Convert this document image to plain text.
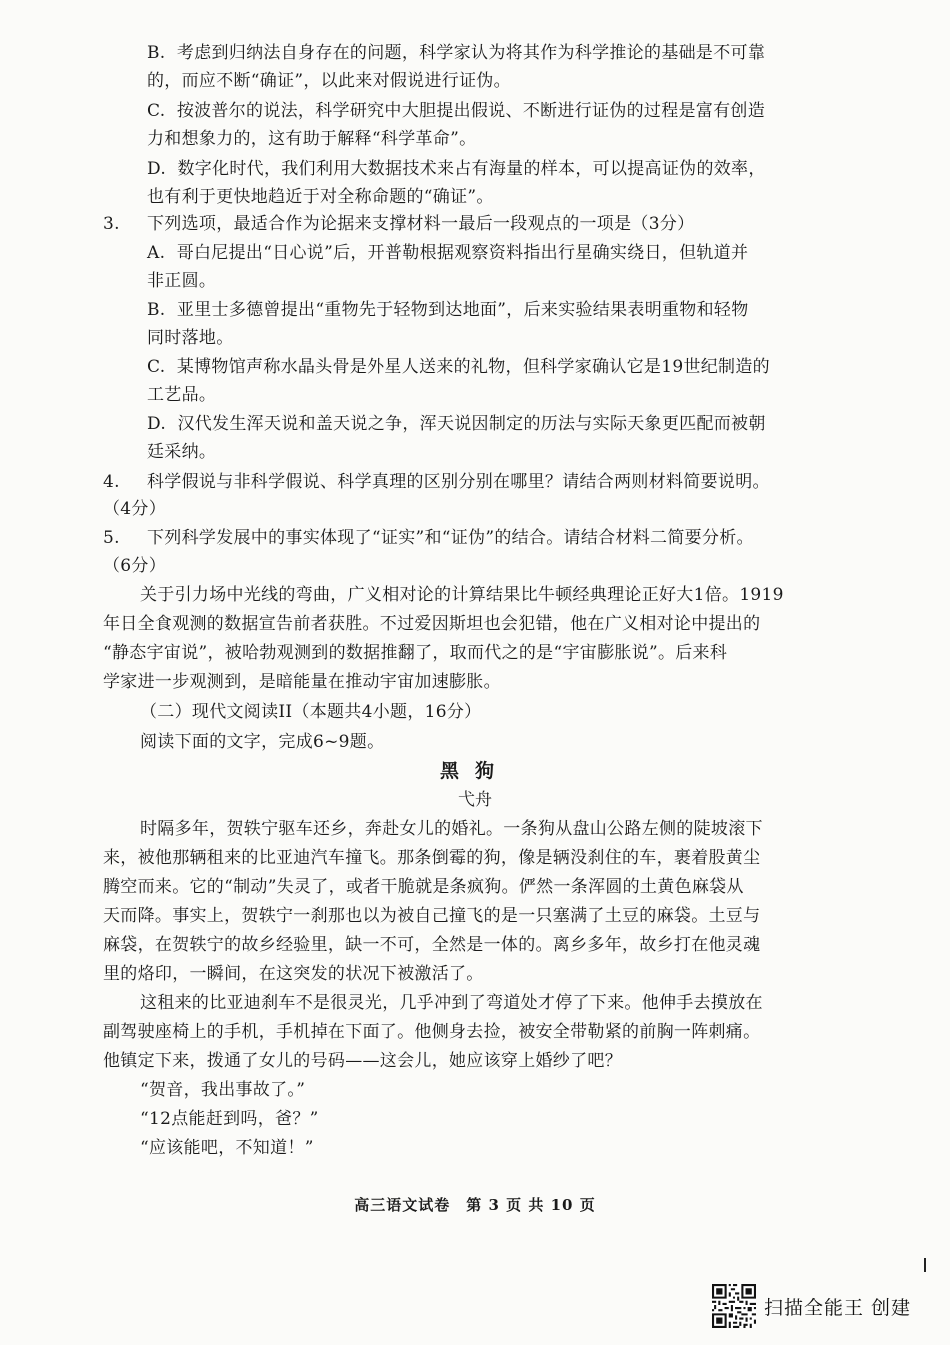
B. 考虑到归纳法自身存在的问题，科学家认为将其作为科学推论的基础是不可靠
的，而应不断“确证”，以此来对假说进行证伪。
C. 按波普尔的说法，科学研究中大胆提出假说、不断进行证伪的过程是富有创造
力和想象力的，这有助于解释“科学革命”。
D. 数字化时代，我们利用大数据技术来占有海量的样本，可以提高证伪的效率，
也有利于更快地趋近于对全称命题的“确证”。
3. 下列选项，最适合作为论据来支撑材料一最后一段观点的一项是（3分）
A. 哥白尼提出“日心说”后，开普勒根据观察资料指出行星确实绕日，但轨道并
非正圆。
B. 亚里士多德曾提出“重物先于轻物到达地面”，后来实验结果表明重物和轻物
同时落地。
C. 某博物馆声称水晶头骨是外星人送来的礼物，但科学家确认它是19世纪制造的
工艺品。
D. 汉代发生浑天说和盖天说之争，浑天说因制定的历法与实际天象更匹配而被朝
廷采纳。
4. 科学假说与非科学假说、科学真理的区别分别在哪里？请结合两则材料简要说明。
（4分）
5. 下列科学发展中的事实体现了“证实”和“证伪”的结合。请结合材料二简要分析。
（6分）
关于引力场中光线的弯曲，广义相对论的计算结果比牛顿经典理论正好大1倍。1919
年日全食观测的数据宣告前者获胜。不过爱因斯坦也会犯错，他在广义相对论中提出的
“静态宇宙说”，被哈勃观测到的数据推翻了，取而代之的是“宇宙膨胀说”。后来科
学家进一步观测到，是暗能量在推动宇宙加速膨胀。
（二）现代文阅读II（本题共4小题，16分）
阅读下面的文字，完成6~9题。
黑狗
弋舟
时隔多年，贺轶宁驱车还乡，奔赴女儿的婚礼。一条狗从盘山公路左侧的陡坡滚下
来，被他那辆租来的比亚迪汽车撞飞。那条倒霉的狗，像是辆没刹住的车，裹着股黄尘
腾空而来。它的“制动”失灵了，或者干脆就是条疯狗。俨然一条浑圆的土黄色麻袋从
天而降。事实上，贺轶宁一刹那也以为被自己撞飞的是一只塞满了土豆的麻袋。土豆与
麻袋，在贺轶宁的故乡经验里，缺一不可，全然是一体的。离乡多年，故乡打在他灵魂
里的烙印，一瞬间，在这突发的状况下被激活了。
这租来的比亚迪刹车不是很灵光，几乎冲到了弯道处才停了下来。他伸手去摸放在
副驾驶座椅上的手机，手机掉在下面了。他侧身去捡，被安全带勒紧的前胸一阵刺痛。
他镇定下来，拨通了女儿的号码——这会儿，她应该穿上婚纱了吧？
“贺音，我出事故了。”
“12点能赶到吗，爸？”
“应该能吧，不知道！”
高三语文试卷　第 3 页 共 10 页
扫描全能王 创建
